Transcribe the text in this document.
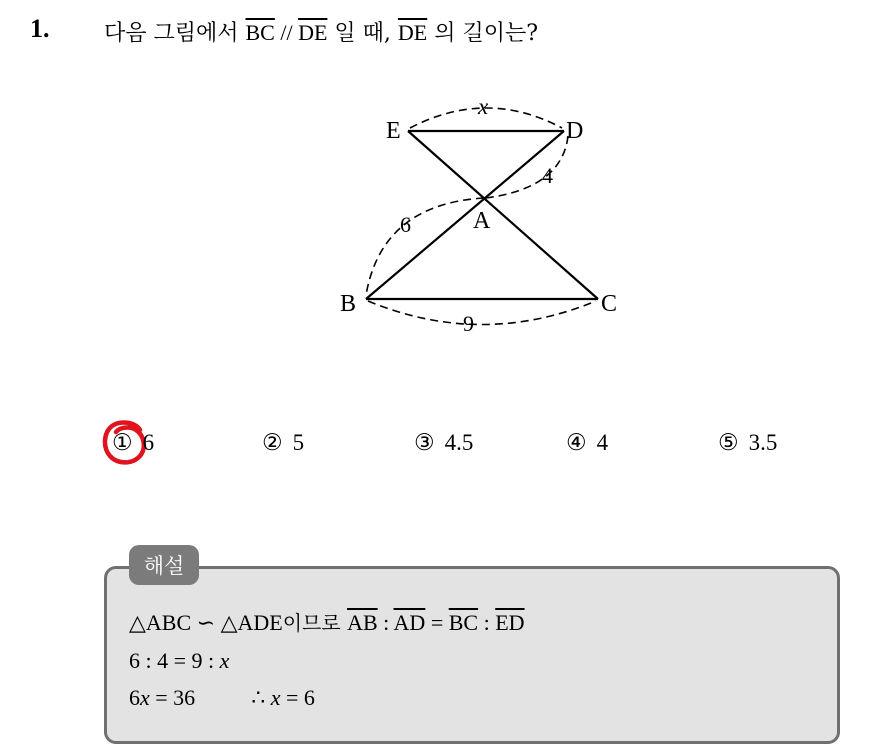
1. 다음 그림에서 $\overline{BC} // \overline{DE}$ 일 때, $\overline{DE}$ 의 길이는?
E	D
A
B	C
x
4
6
9
① 6	② 5	③ 4.5	④ 4	⑤ 3.5
해설
△ABC ∽ △ADE이므로 $\overline{AB}$ : $\overline{AD} = \overline{BC}$ : $\overline{ED}$
6 : 4 = 9 : x
6x = 36	∴ x = 6
